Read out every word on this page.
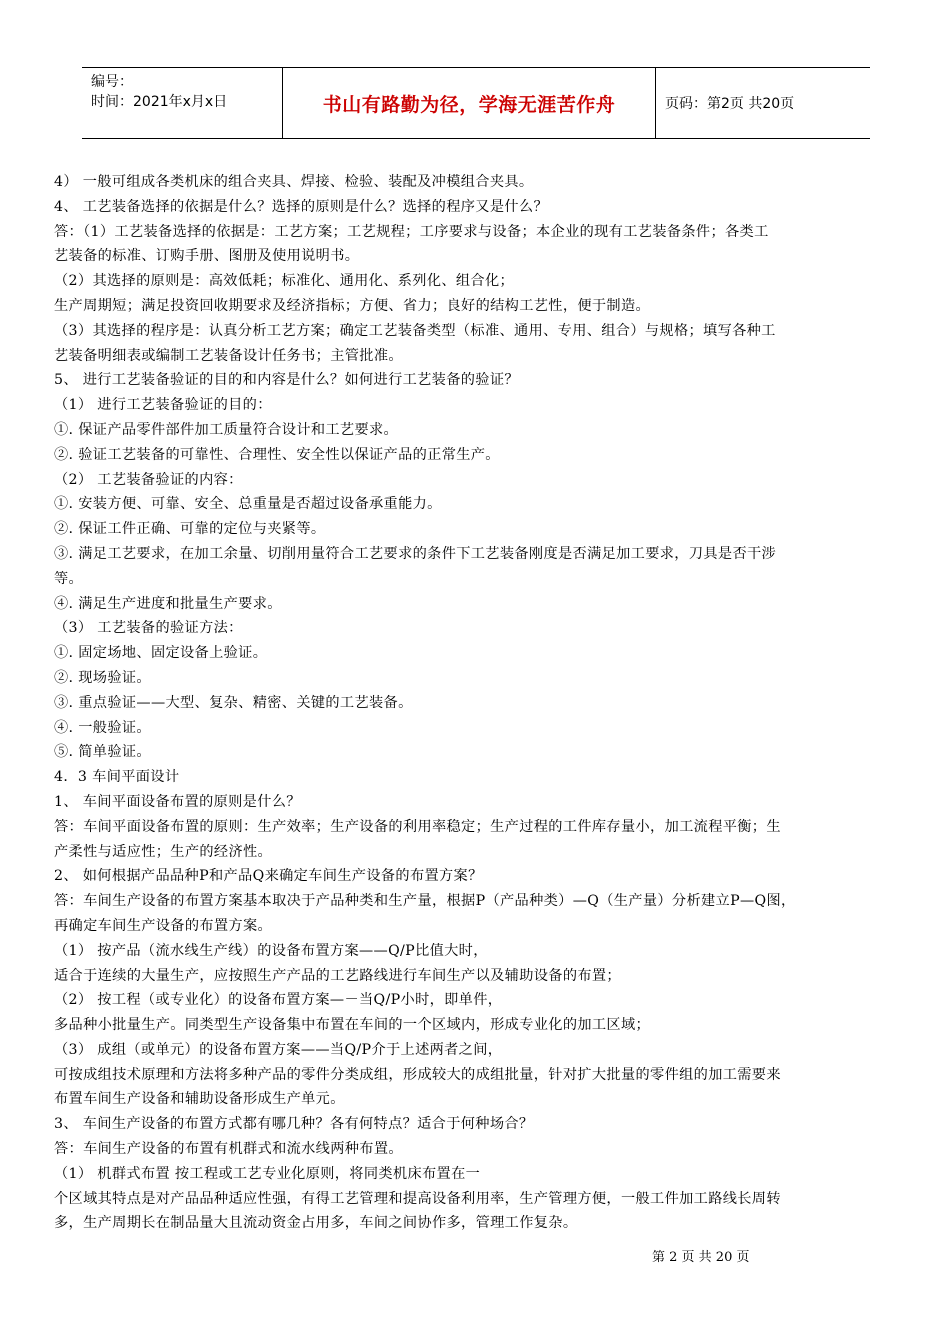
编号：
时间：2021年x月x日	书山有路勤为径，学海无涯苦作舟	页码：第2页 共20页
4） 一般可组成各类机床的组合夹具、焊接、检验、装配及冲模组合夹具。
4、 工艺装备选择的依据是什么？选择的原则是什么？选择的程序又是什么？
答：（1）工艺装备选择的依据是：工艺方案；工艺规程；工序要求与设备；本企业的现有工艺装备条件；各类工
艺装备的标准、订购手册、图册及使用说明书。
（2）其选择的原则是：高效低耗；标准化、通用化、系列化、组合化；
生产周期短；满足投资回收期要求及经济指标；方便、省力；良好的结构工艺性，便于制造。
（3）其选择的程序是：认真分析工艺方案；确定工艺装备类型（标准、通用、专用、组合）与规格；填写各种工
艺装备明细表或编制工艺装备设计任务书；主管批准。
5、 进行工艺装备验证的目的和内容是什么？如何进行工艺装备的验证？
（1） 进行工艺装备验证的目的：
①. 保证产品零件部件加工质量符合设计和工艺要求。
②. 验证工艺装备的可靠性、合理性、安全性以保证产品的正常生产。
（2） 工艺装备验证的内容：
①. 安装方便、可靠、安全、总重量是否超过设备承重能力。
②. 保证工件正确、可靠的定位与夹紧等。
③. 满足工艺要求，在加工余量、切削用量符合工艺要求的条件下工艺装备刚度是否满足加工要求，刀具是否干涉
等。
④. 满足生产进度和批量生产要求。
（3） 工艺装备的验证方法：
①. 固定场地、固定设备上验证。
②. 现场验证。
③. 重点验证——大型、复杂、精密、关键的工艺装备。
④. 一般验证。
⑤. 简单验证。
4．3 车间平面设计
1、 车间平面设备布置的原则是什么？
答：车间平面设备布置的原则：生产效率；生产设备的利用率稳定；生产过程的工件库存量小，加工流程平衡；生
产柔性与适应性；生产的经济性。
2、 如何根据产品品种P和产品Q来确定车间生产设备的布置方案？
答：车间生产设备的布置方案基本取决于产品种类和生产量，根据P（产品种类）—Q（生产量）分析建立P—Q图，
再确定车间生产设备的布置方案。
（1） 按产品（流水线生产线）的设备布置方案——Q/P比值大时，
适合于连续的大量生产，应按照生产产品的工艺路线进行车间生产以及辅助设备的布置；
（2） 按工程（或专业化）的设备布置方案—－当Q/P小时，即单件，
多品种小批量生产。同类型生产设备集中布置在车间的一个区域内，形成专业化的加工区域；
（3） 成组（或单元）的设备布置方案——当Q/P介于上述两者之间，
可按成组技术原理和方法将多种产品的零件分类成组，形成较大的成组批量，针对扩大批量的零件组的加工需要来
布置车间生产设备和辅助设备形成生产单元。
3、 车间生产设备的布置方式都有哪几种？各有何特点？适合于何种场合？
答：车间生产设备的布置有机群式和流水线两种布置。
（1） 机群式布置 按工程或工艺专业化原则，将同类机床布置在一
个区域其特点是对产品品种适应性强，有得工艺管理和提高设备利用率，生产管理方便，一般工件加工路线长周转
多，生产周期长在制品量大且流动资金占用多，车间之间协作多，管理工作复杂。
第 2 页 共 20 页
